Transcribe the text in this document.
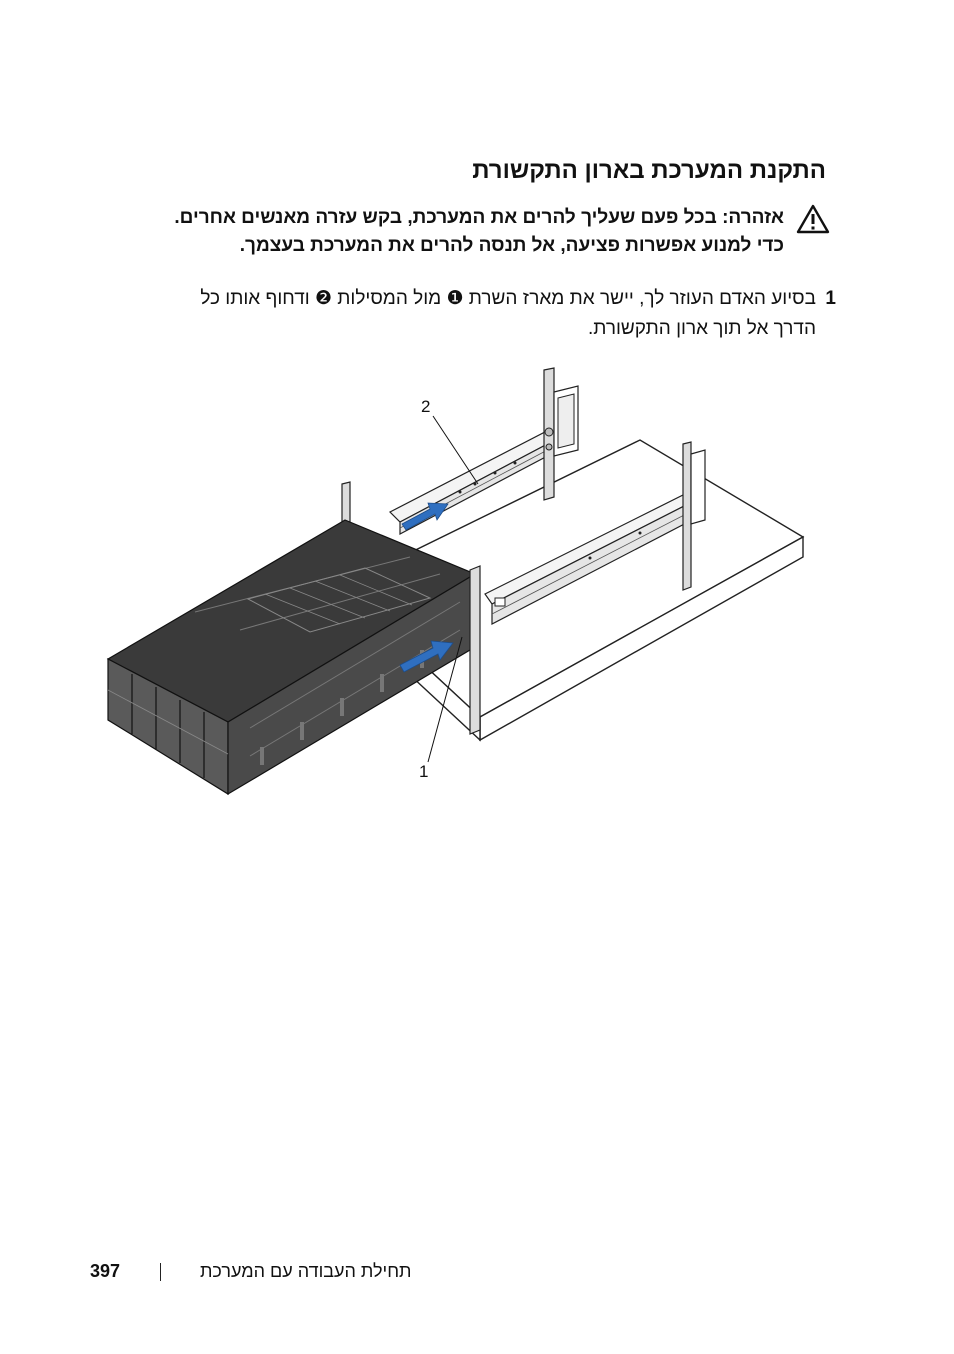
התקנת המערכת בארון התקשורת
אזהרה: בכל פעם שעליך להרים את המערכת, בקש עזרה מאנשים אחרים.
כדי למנוע אפשרות פציעה, אל תנסה להרים את המערכת בעצמך.
1
בסיוע האדם העוזר לך, יישר את מארז השרת ❶ מול המסילות ❷ ודחוף אותו כל
הדרך אל תוך ארון התקשורת.
1
2
397	תחילת העבודה עם המערכת
